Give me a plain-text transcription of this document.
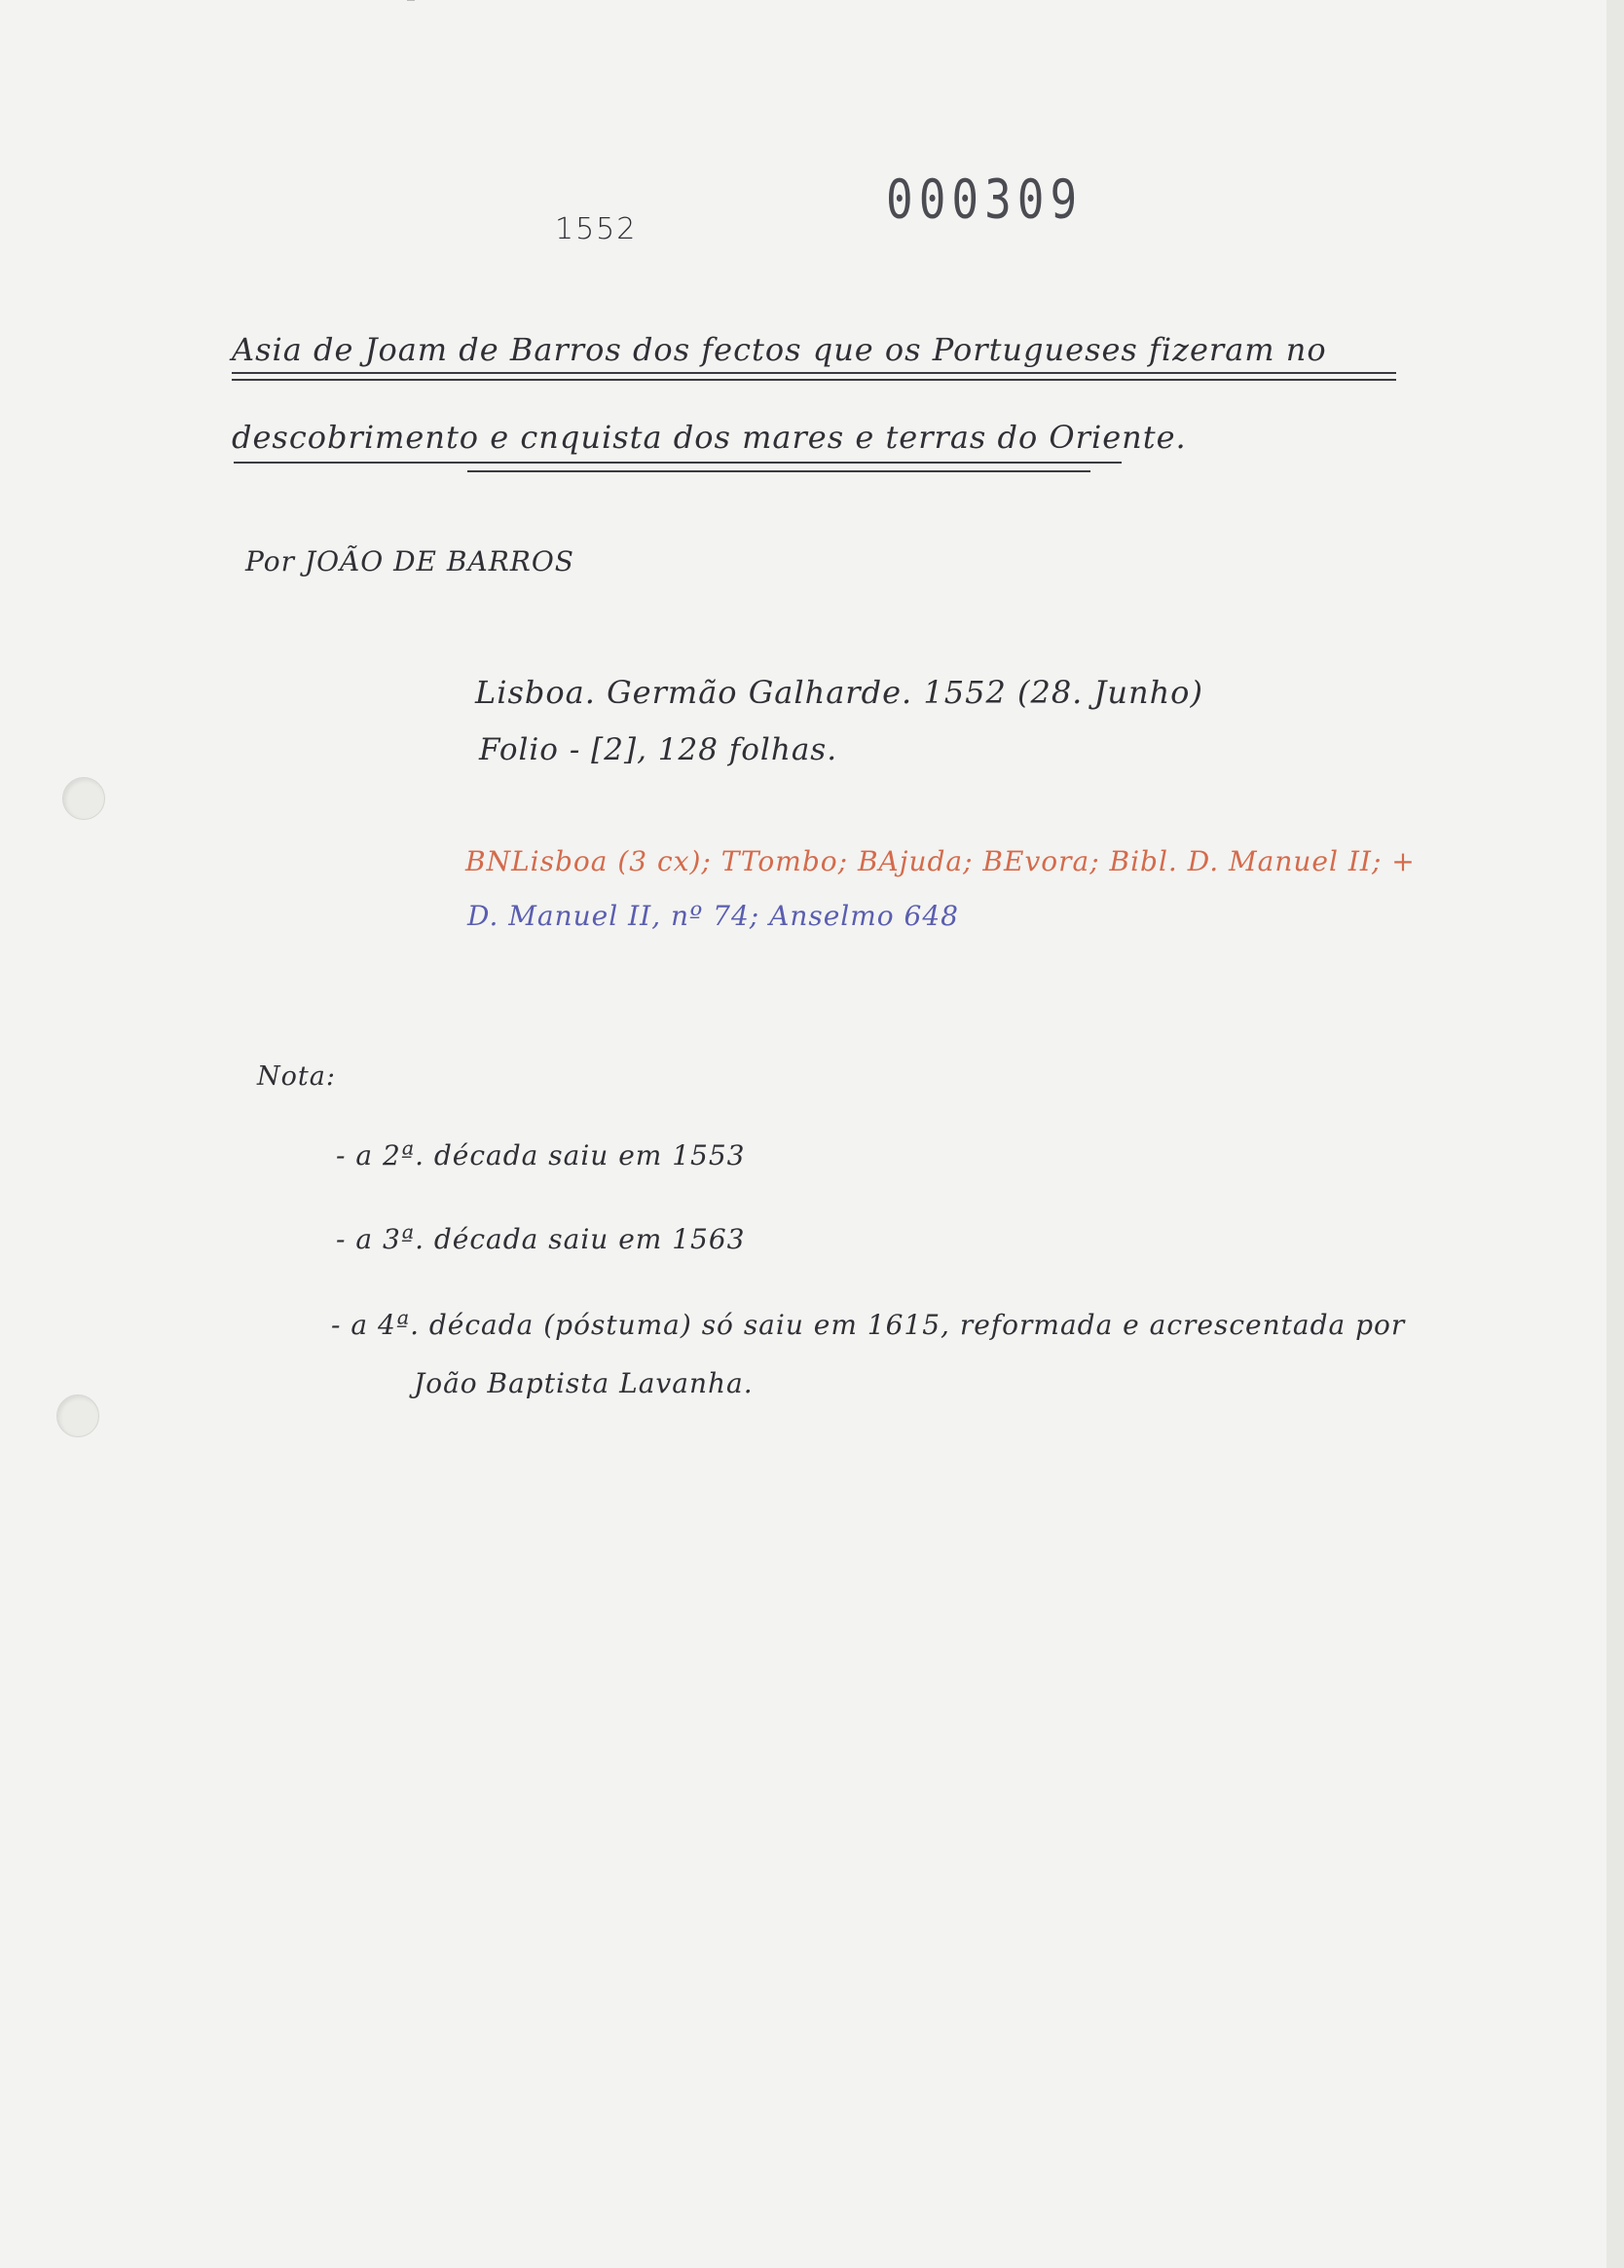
1552	000309
Asia de Joam de Barros dos fectos que os Portugueses fizeram no
descobrimento e cnquista dos mares e terras do Oriente.
Por JOÃO DE BARROS
Lisboa. Germão Galharde. 1552 (28. Junho)
Folio - [2], 128 folhas.
BNLisboa (3 cx); TTombo; BAjuda; BEvora; Bibl. D. Manuel II; +
D. Manuel II, nº 74; Anselmo 648
Nota:
- a 2ª. década saiu em 1553
- a 3ª. década saiu em 1563
- a 4ª. década (póstuma) só saiu em 1615, reformada e acrescentada por
João Baptista Lavanha.
